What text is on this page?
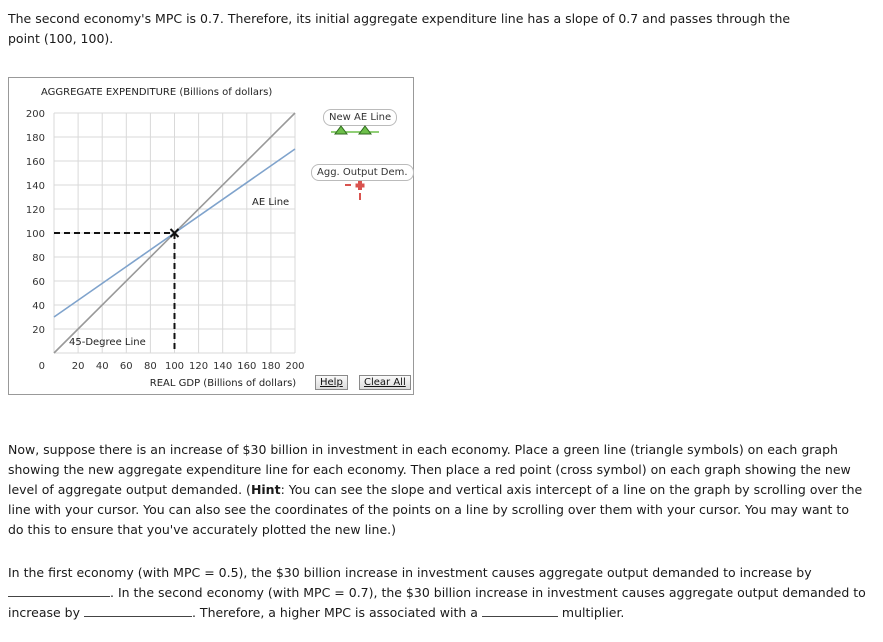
The second economy's MPC is 0.7. Therefore, its initial aggregate expenditure line has a slope of 0.7 and passes through the point (100, 100).

AGGREGATE EXPENDITURE (Billions of dollars)
20
40
60
80
100
120
140
160
180
200
20 40 60 80 100 120 140 160 180 200
0
REAL GDP (Billions of dollars)
AE Line
45-Degree Line
New AE Line
Agg. Output Dem.
Help	Clear All

Now, suppose there is an increase of $30 billion in investment in each economy. Place a green line (triangle symbols) on each graph showing the new aggregate expenditure line for each economy. Then place a red point (cross symbol) on each graph showing the new level of aggregate output demanded. (Hint: You can see the slope and vertical axis intercept of a line on the graph by scrolling over the line with your cursor. You can also see the coordinates of the points on a line by scrolling over them with your cursor. You may want to do this to ensure that you've accurately plotted the new line.)

In the first economy (with MPC = 0.5), the $30 billion increase in investment causes aggregate output demanded to increase by . In the second economy (with MPC = 0.7), the $30 billion increase in investment causes aggregate output demanded to increase by	. Therefore, a higher MPC is associated with a	multiplier.
